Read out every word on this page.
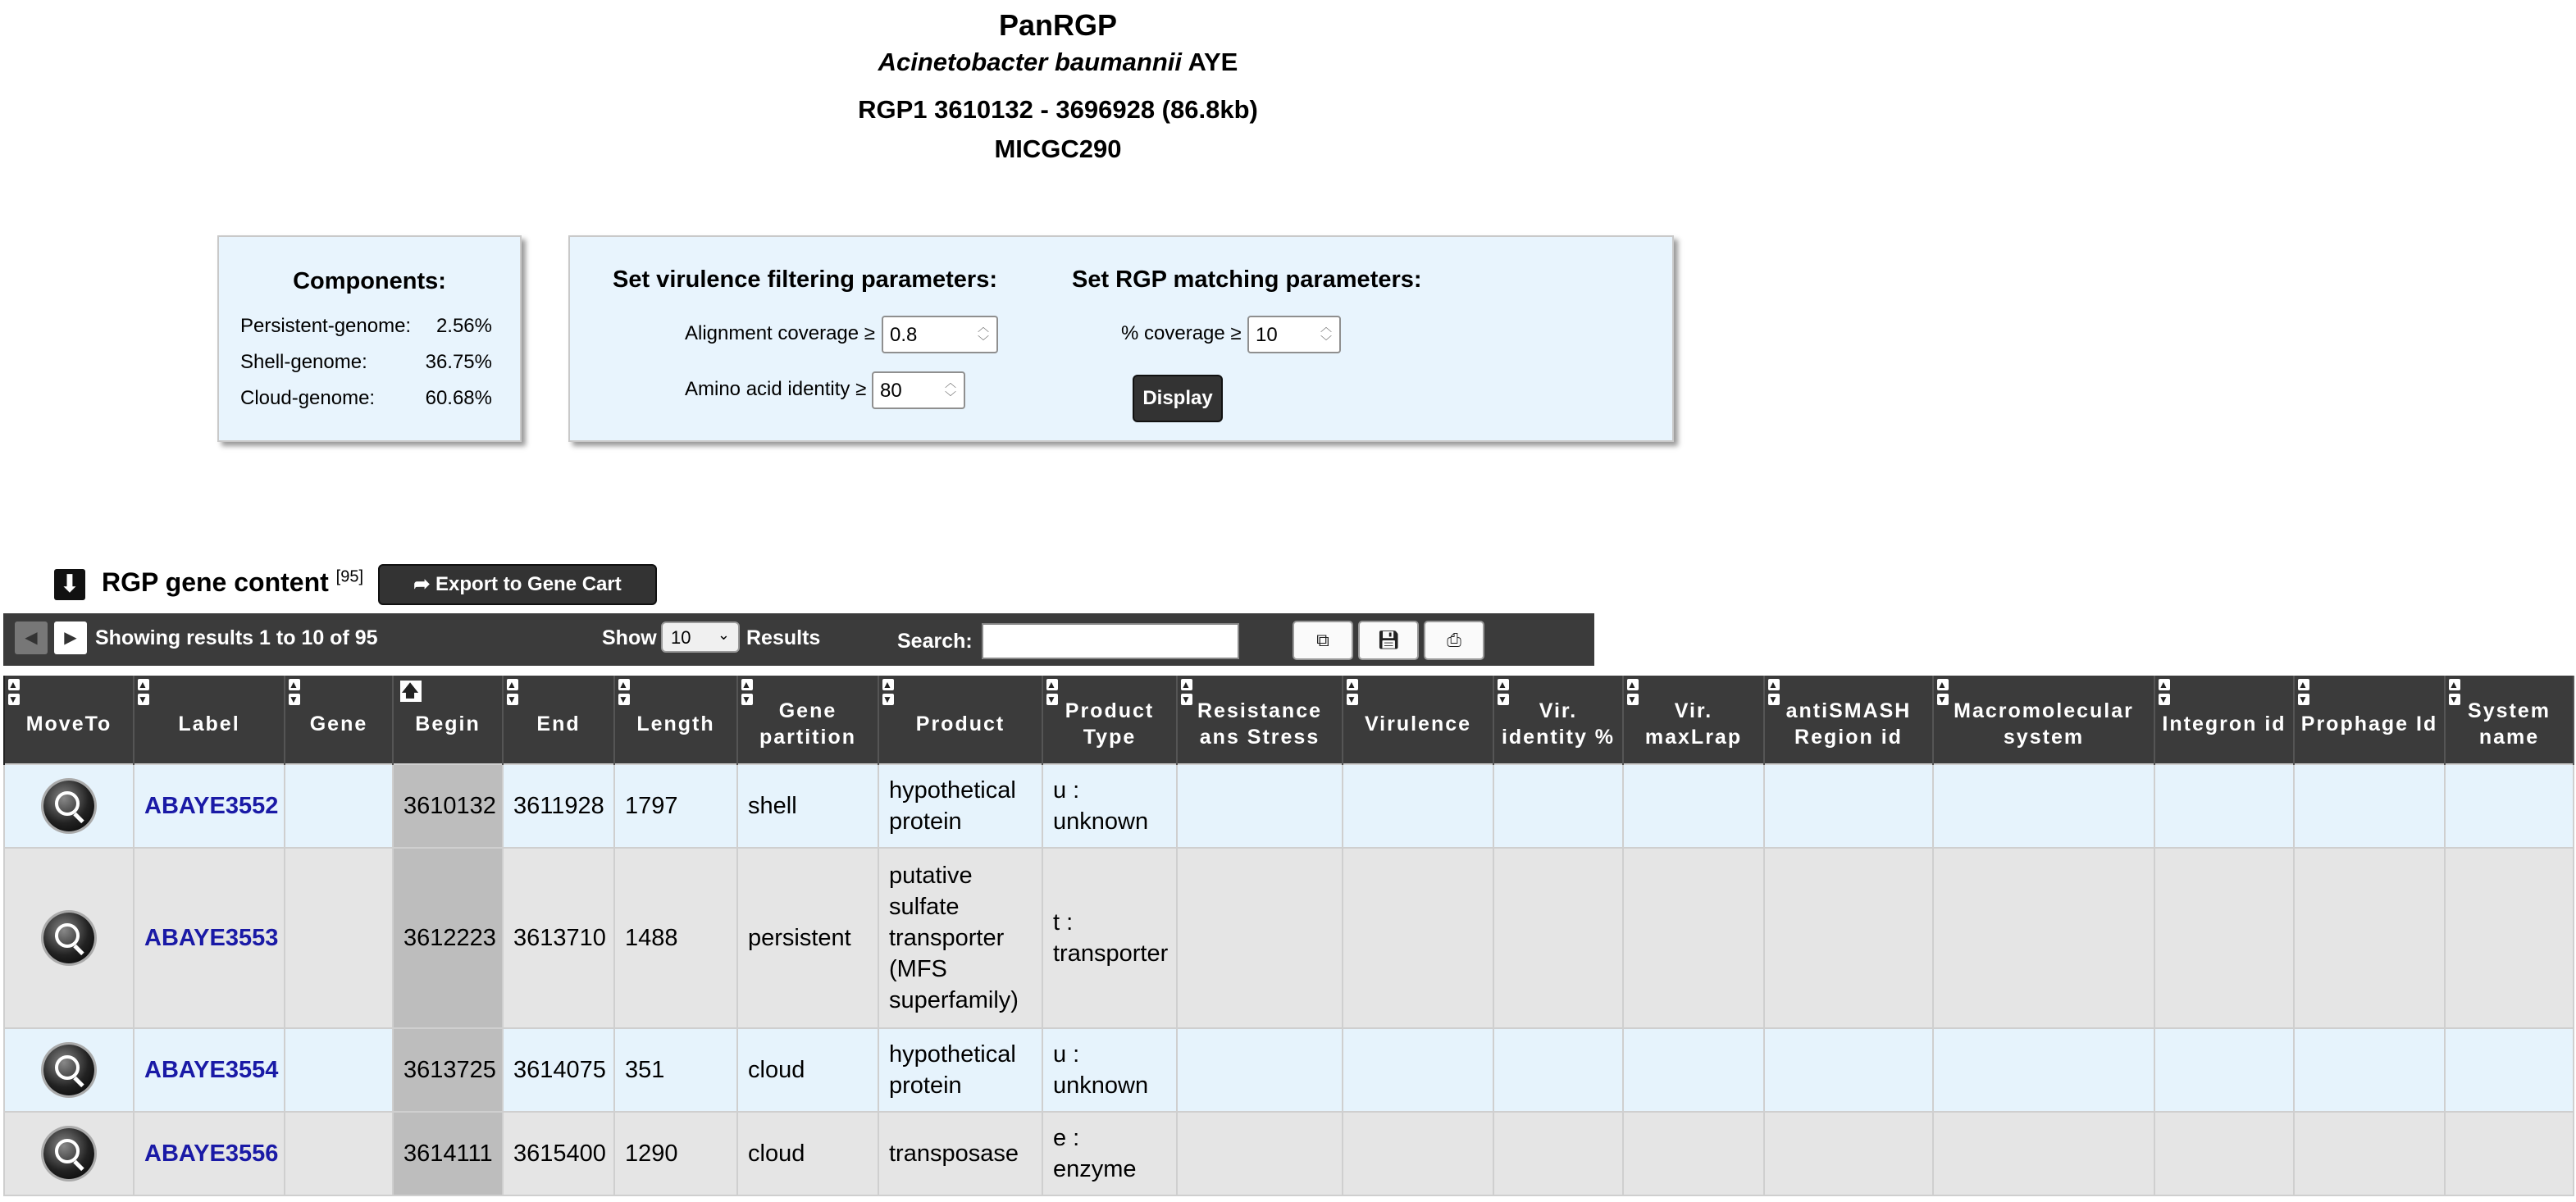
PanRGP
Acinetobacter baumannii AYE
RGP1 3610132 - 3696928 (86.8kb)
MICGC290
Components:
Persistent-genome: 2.56%
Shell-genome:	36.75%
Cloud-genome:	60.68%
Set virulence filtering parameters:
Alignment coverage ≥ 0.8	︿
﹀
Amino acid identity ≥ 80	︿
﹀
Set RGP matching parameters:
% coverage ≥ 10	︿
﹀
Display
⬇ RGP gene content [95]	➦ Export to Gene Cart
◀	▶ Showing results 1 to 10 of 95	Show 10 ⌄ Results	Search:	⧉	💾︎	⎙
▲
▼
MoveTo	▲
▼
Label	▲
▼
Gene	🡅
Begin	▲
▼
End	▲
▼
Length	▲
▼ Gene partition	▲
▼
Product	▲
▼ Product Type	▲
▼ Resistance ans Stress	▲
▼
Virulence	▲
▼ Vir. identity %	▲
▼ Vir. maxLrap	▲
▼ antiSMASH Region id	▲
▼ Macromolecular system	▲
▼
Integron id	▲
▼
Prophage Id	▲
▼ System name

	ABAYE3552		3610132	3611928	1797	shell	hypothetical protein	u : unknown									

	ABAYE3553		3612223	3613710	1488	persistent	putative sulfate transporter (MFS superfamily)	t : transporter									

	ABAYE3554		3613725	3614075	351	cloud	hypothetical protein	u : unknown									

	ABAYE3556		3614111	3615400	1290	cloud	transposase	e : enzyme									
